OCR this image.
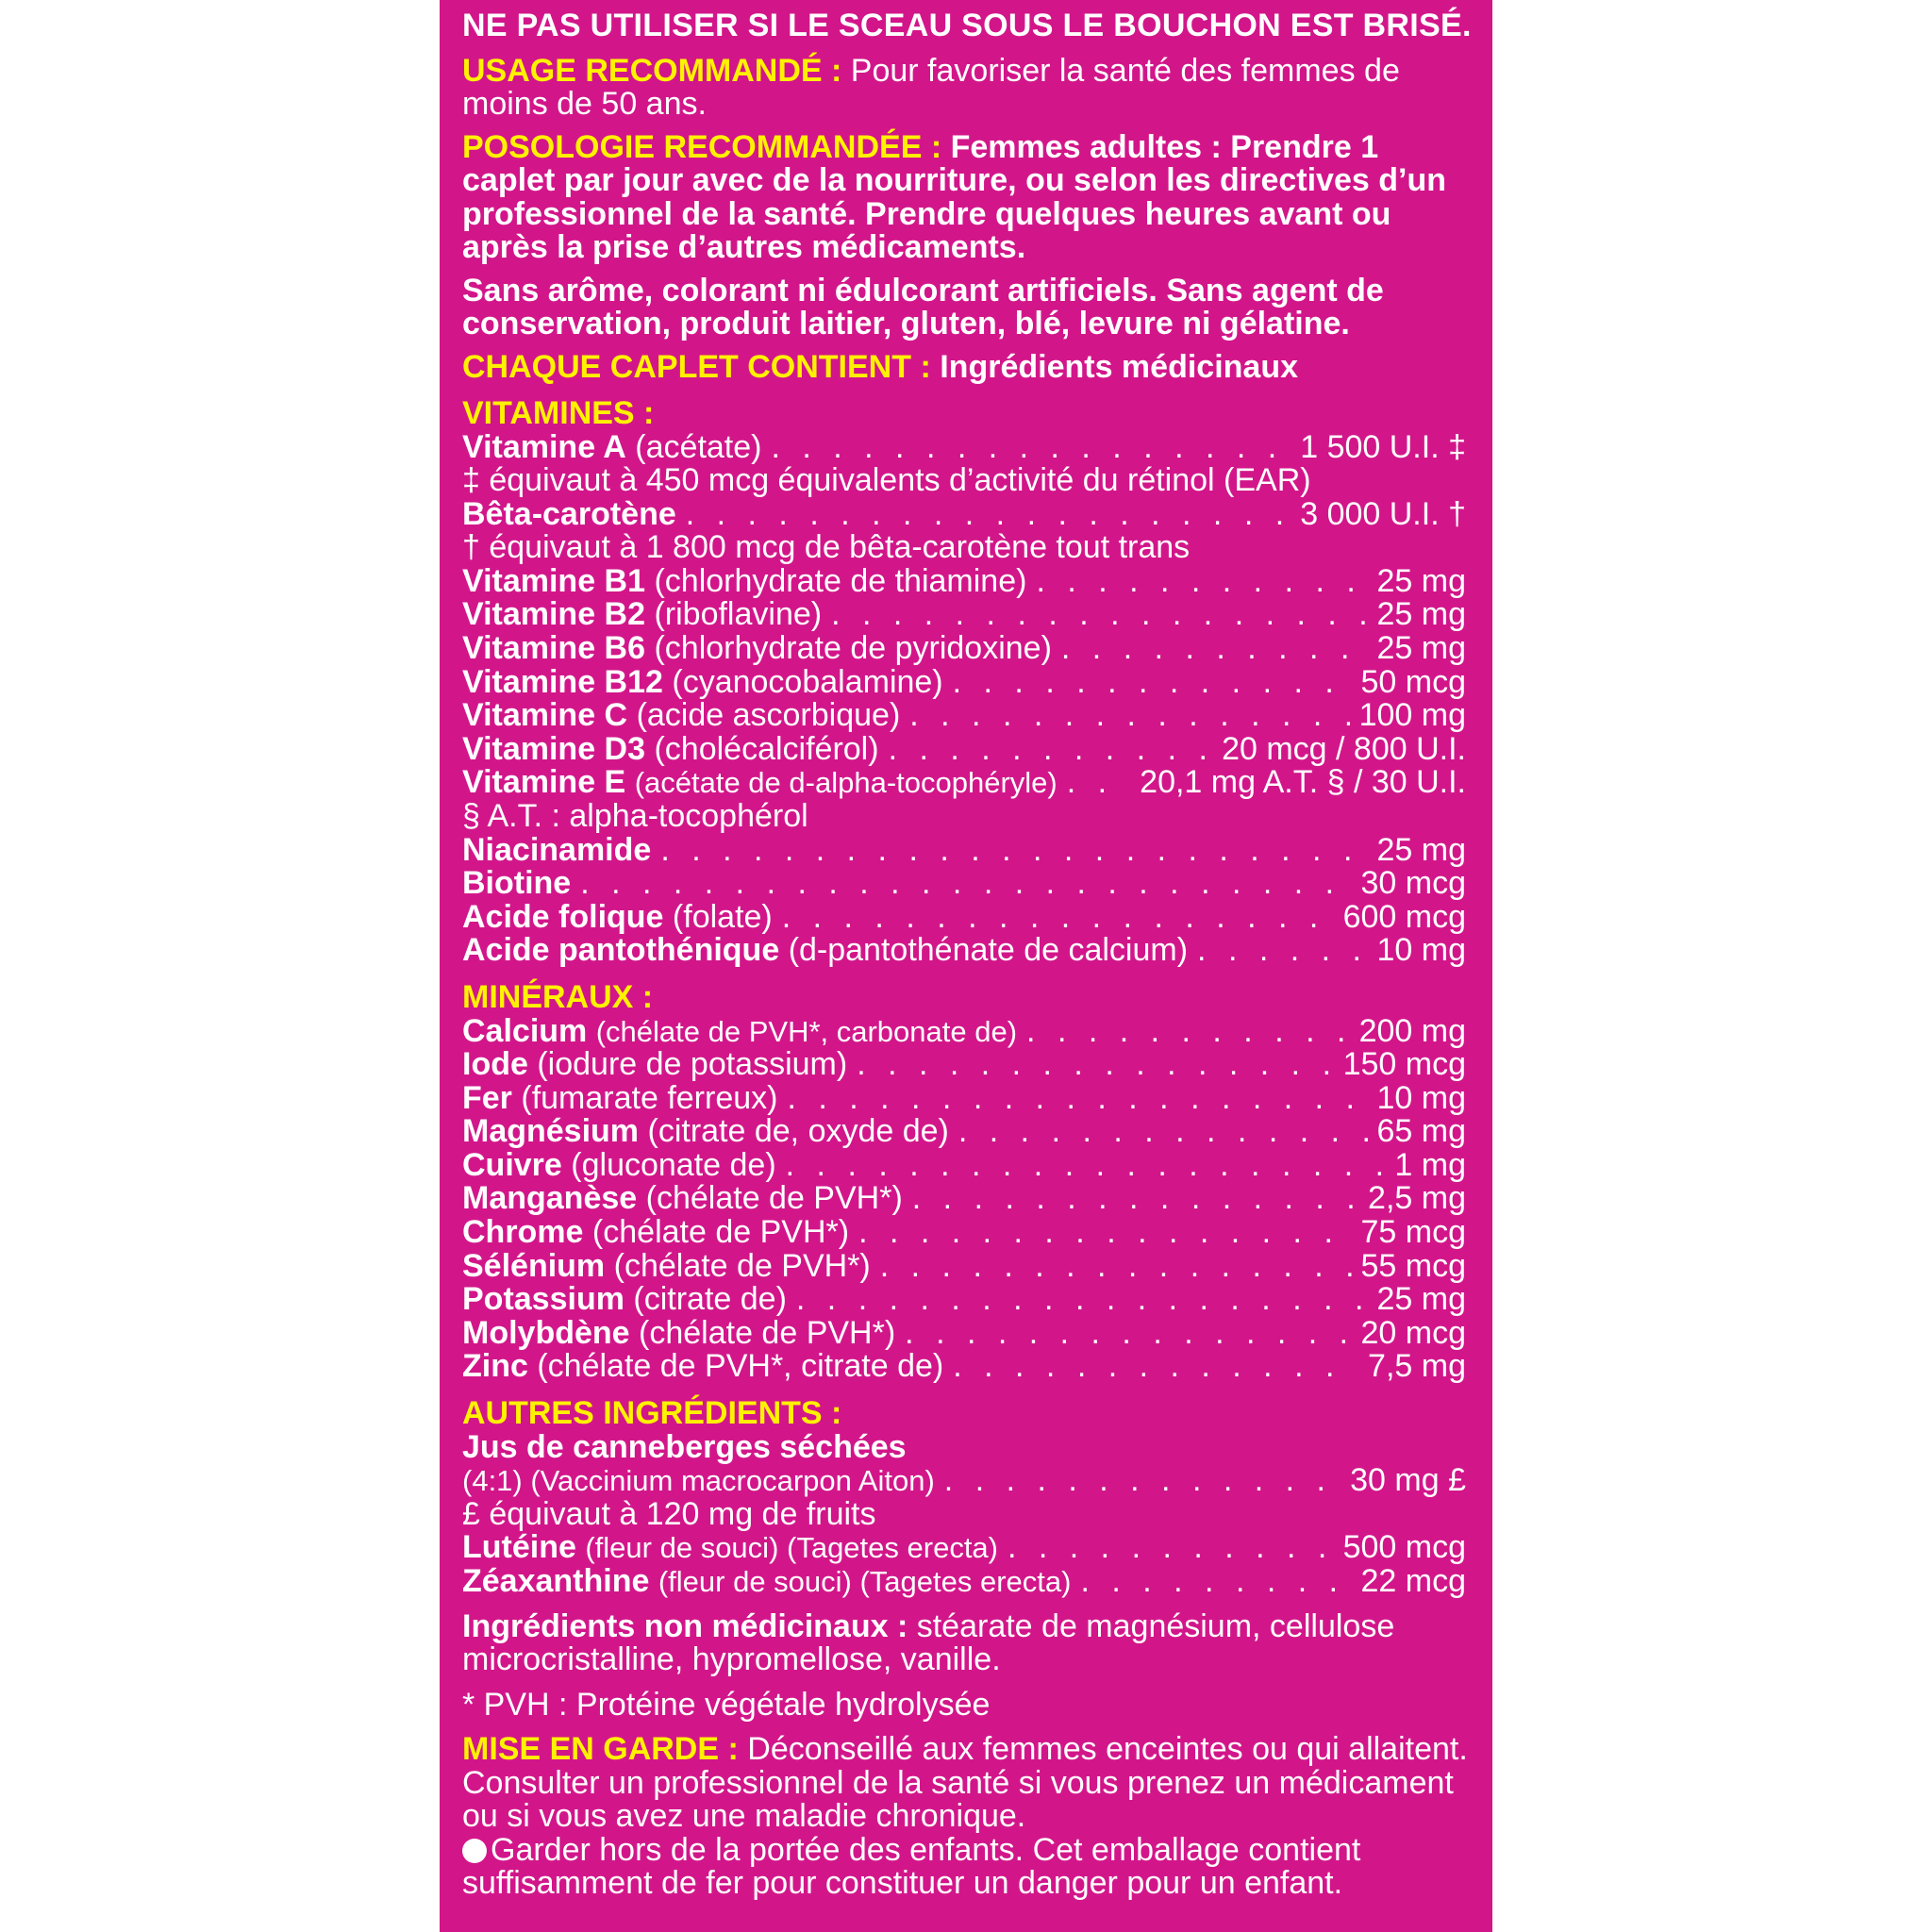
NE PAS UTILISER SI LE SCEAU SOUS LE BOUCHON EST BRISÉ.

USAGE RECOMMANDÉ : Pour favoriser la santé des femmes de moins de 50 ans.

POSOLOGIE RECOMMANDÉE : Femmes adultes : Prendre 1 caplet par jour avec de la nourriture, ou selon les directives d’un professionnel de la santé. Prendre quelques heures avant ou après la prise d’autres médicaments.

Sans arôme, colorant ni édulcorant artificiels. Sans agent de conservation, produit laitier, gluten, blé, levure ni gélatine.

CHAQUE CAPLET CONTIENT : Ingrédients médicinaux

VITAMINES :
Vitamine A (acétate) . . .	1 500 U.I. ‡
‡ équivaut à 450 mcg équivalents d’activité du rétinol (EAR)
Bêta-carotène . . .	3 000 U.I. †
† équivaut à 1 800 mcg de bêta-carotène tout trans
Vitamine B1 (chlorhydrate de thiamine) . . .	25 mg
Vitamine B2 (riboflavine) . . .	25 mg
Vitamine B6 (chlorhydrate de pyridoxine) . . .	25 mg
Vitamine B12 (cyanocobalamine) . . .	50 mcg
Vitamine C (acide ascorbique) . . .	100 mg
Vitamine D3 (cholécalciférol) . . .	20 mcg / 800 U.I.
Vitamine E (acétate de d-alpha-tocophéryle) . . .	20,1 mg A.T. § / 30 U.I.
§ A.T. : alpha-tocophérol
Niacinamide . . .	25 mg
Biotine . . .	30 mcg
Acide folique (folate) . . .	600 mcg
Acide pantothénique (d-pantothénate de calcium) . . .	10 mg
MINÉRAUX :
Calcium (chélate de PVH*, carbonate de) . . .	200 mg
Iode (iodure de potassium) . . .	150 mcg
Fer (fumarate ferreux) . . .	10 mg
Magnésium (citrate de, oxyde de) . . .	65 mg
Cuivre (gluconate de) . . .	1 mg
Manganèse (chélate de PVH*) . . .	2,5 mg
Chrome (chélate de PVH*) . . .	75 mcg
Sélénium (chélate de PVH*) . . .	55 mcg
Potassium (citrate de) . . .	25 mg
Molybdène (chélate de PVH*) . . .	20 mcg
Zinc (chélate de PVH*, citrate de) . . .	7,5 mg
AUTRES INGRÉDIENTS :
Jus de canneberges séchées
(4:1) (Vaccinium macrocarpon Aiton) . . .	30 mg £
£ équivaut à 120 mg de fruits
Lutéine (fleur de souci) (Tagetes erecta) . . .	500 mcg
Zéaxanthine (fleur de souci) (Tagetes erecta) . . .	22 mcg

Ingrédients non médicinaux : stéarate de magnésium, cellulose microcristalline, hypromellose, vanille.

* PVH : Protéine végétale hydrolysée

MISE EN GARDE : Déconseillé aux femmes enceintes ou qui allaitent. Consulter un professionnel de la santé si vous prenez un médicament ou si vous avez une maladie chronique.

Garder hors de la portée des enfants. Cet emballage contient suffisamment de fer pour constituer un danger pour un enfant.
